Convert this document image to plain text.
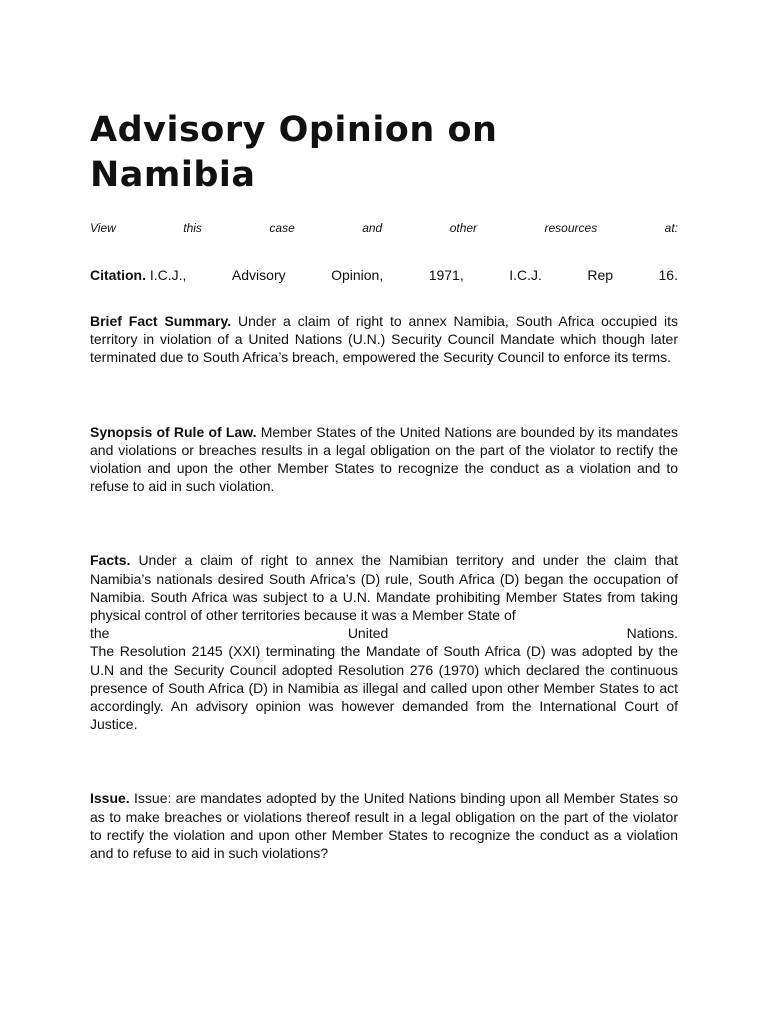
Advisory Opinion on
Namibia
View	this	case	and	other	resources	at:
Citation. I.C.J.,	Advisory	Opinion,	1971,	I.C.J.	Rep	16.

Brief Fact Summary. Under a claim of right to annex Namibia, South Africa occupied its territory in violation of a United Nations (U.N.) Security Council Mandate which though later terminated due to South Africa’s breach, empowered the Security Council to enforce its terms.

Synopsis of Rule of Law. Member States of the United Nations are bounded by its mandates and violations or breaches results in a legal obligation on the part of the violator to rectify the violation and upon the other Member States to recognize the conduct as a violation and to refuse to aid in such violation.

Facts. Under a claim of right to annex the Namibian territory and under the claim that Namibia’s nationals desired South Africa’s (D) rule, South Africa (D) began the occupation of Namibia. South Africa was subject to a U.N. Mandate prohibiting Member States from taking physical control of other territories because it was a Member State of
the	United	Nations.
The Resolution 2145 (XXI) terminating the Mandate of South Africa (D) was adopted by the U.N and the Security Council adopted Resolution 276 (1970) which declared the continuous presence of South Africa (D) in Namibia as illegal and called upon other Member States to act accordingly. An advisory opinion was however demanded from the International Court of Justice.

Issue. Issue: are mandates adopted by the United Nations binding upon all Member States so as to make breaches or violations thereof result in a legal obligation on the part of the violator to rectify the violation and upon other Member States to recognize the conduct as a violation and to refuse to aid in such violations?
